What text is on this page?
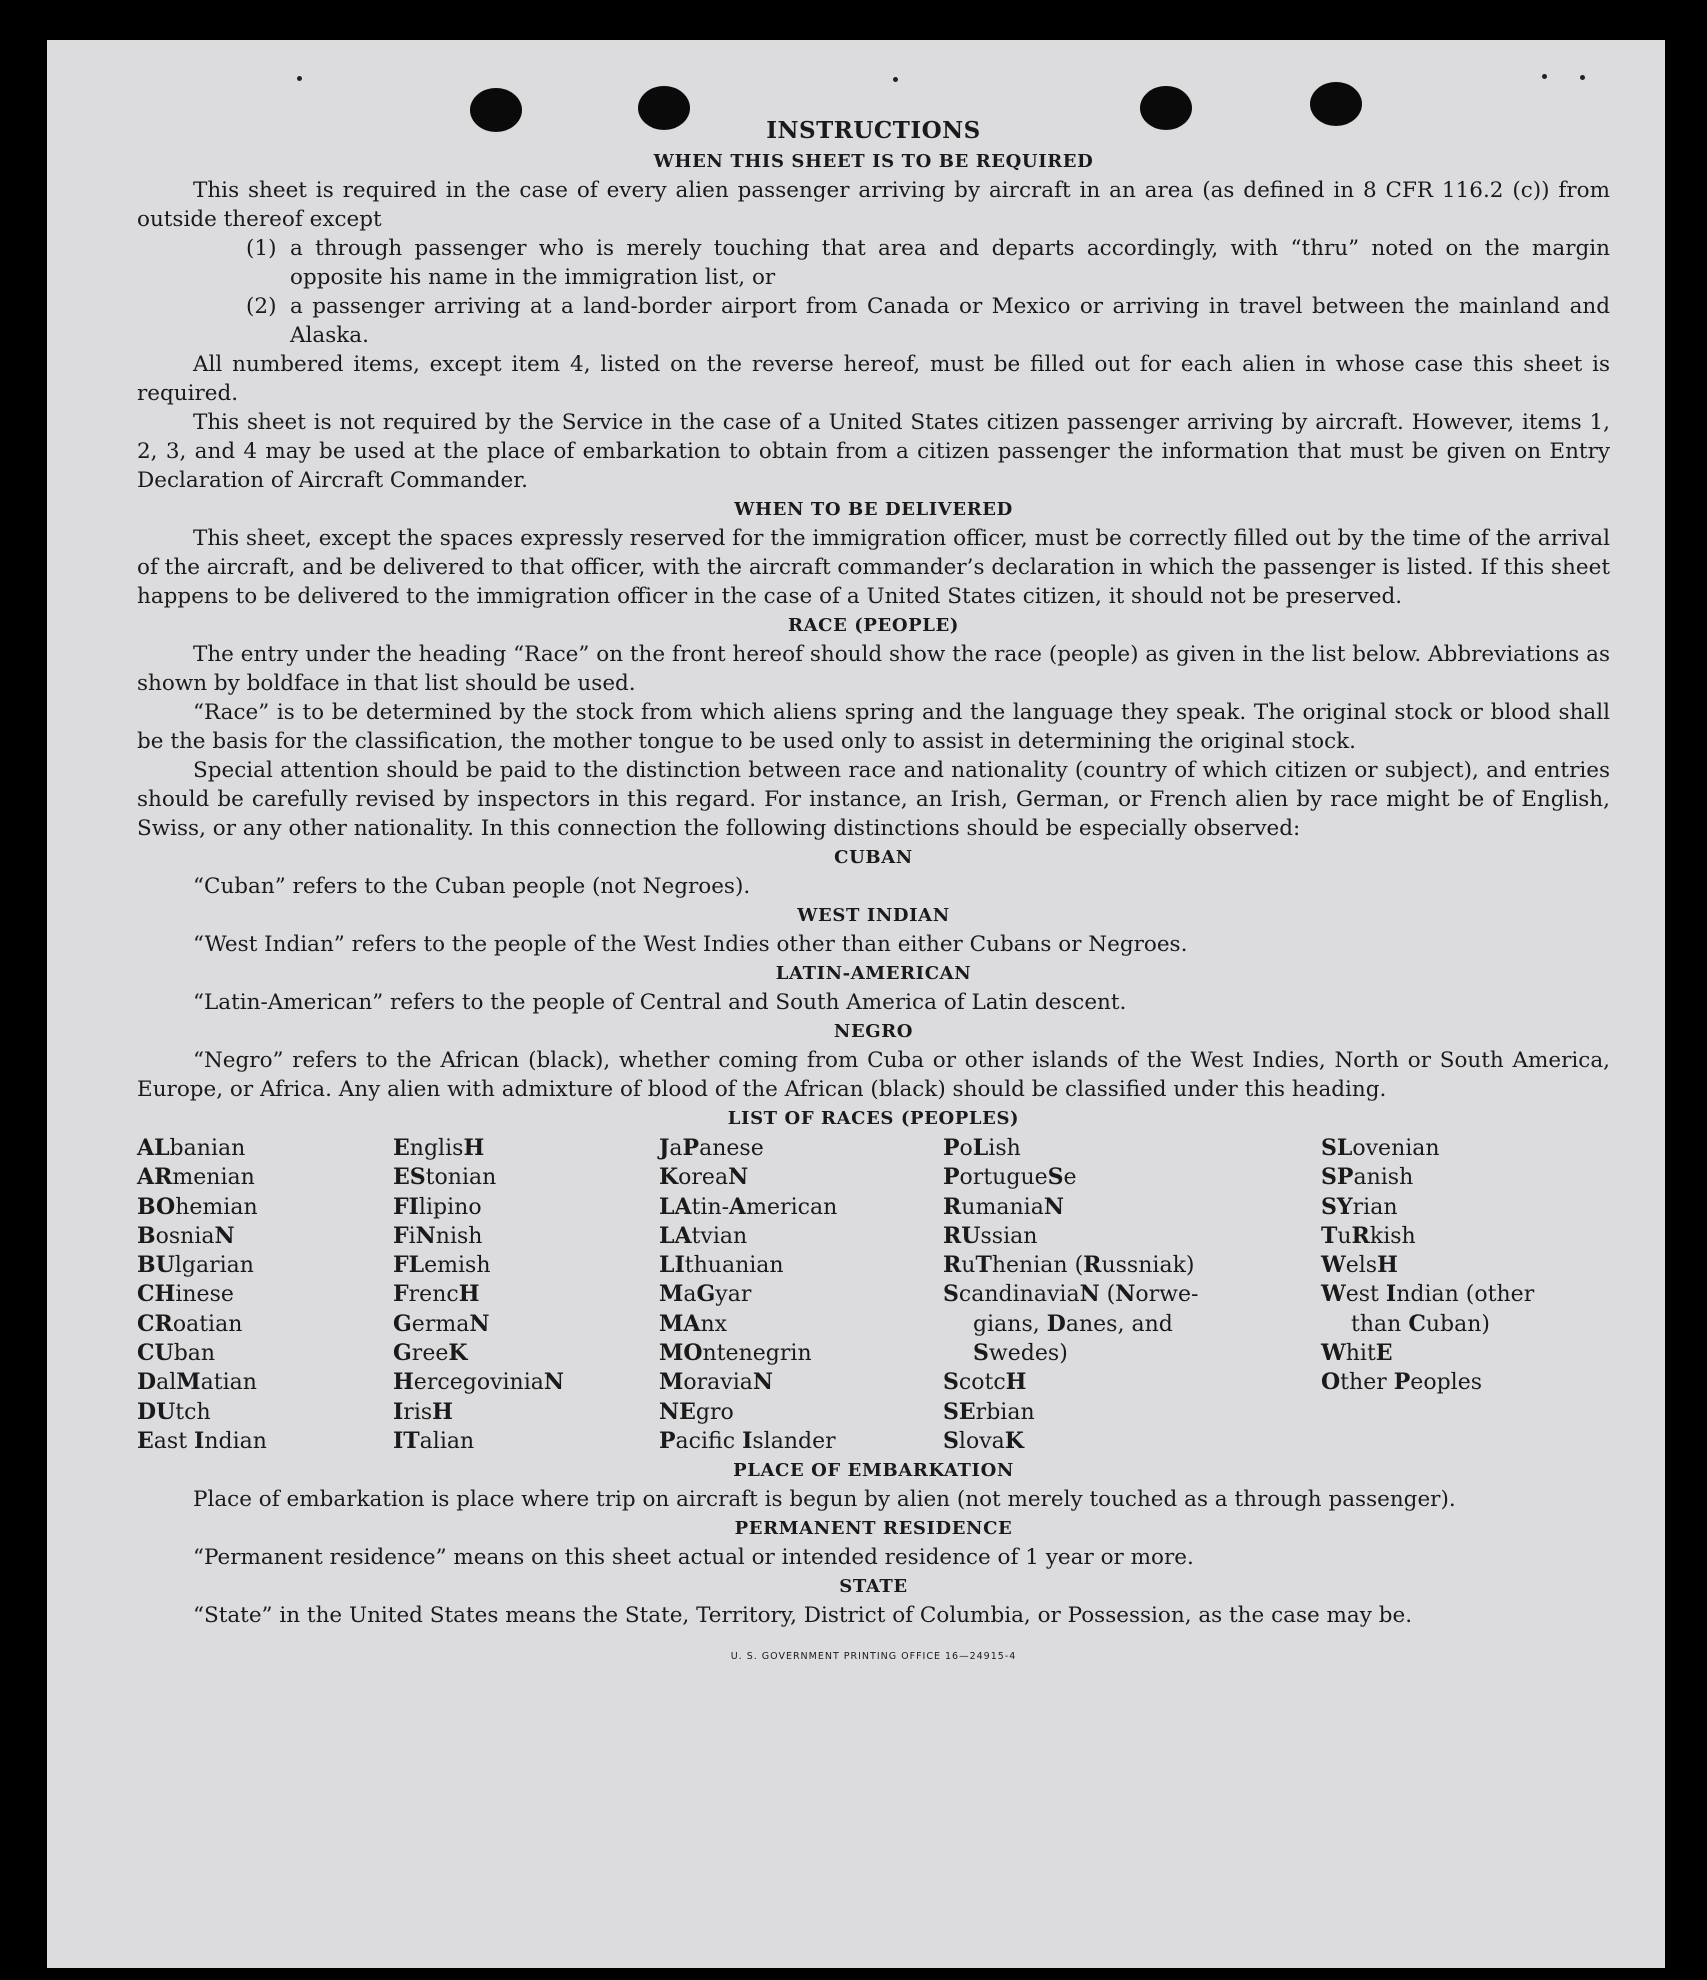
INSTRUCTIONS
WHEN THIS SHEET IS TO BE REQUIRED

This sheet is required in the case of every alien passenger arriving by aircraft in an area (as defined in 8 CFR 116.2 (c)) from outside thereof except

(1) a through passenger who is merely touching that area and departs accordingly, with “thru” noted on the margin opposite his name in the immigration list, or
(2) a passenger arriving at a land-border airport from Canada or Mexico or arriving in travel between the mainland and Alaska.

All numbered items, except item 4, listed on the reverse hereof, must be filled out for each alien in whose case this sheet is required.

This sheet is not required by the Service in the case of a United States citizen passenger arriving by aircraft. However, items 1, 2, 3, and 4 may be used at the place of embarkation to obtain from a citizen passenger the information that must be given on Entry Declaration of Aircraft Commander.

WHEN TO BE DELIVERED

This sheet, except the spaces expressly reserved for the immigration officer, must be correctly filled out by the time of the arrival of the aircraft, and be delivered to that officer, with the aircraft commander’s declaration in which the passenger is listed. If this sheet happens to be delivered to the immigration officer in the case of a United States citizen, it should not be preserved.

RACE (PEOPLE)

The entry under the heading “Race” on the front hereof should show the race (people) as given in the list below. Abbreviations as shown by boldface in that list should be used.

“Race” is to be determined by the stock from which aliens spring and the language they speak. The original stock or blood shall be the basis for the classification, the mother tongue to be used only to assist in determining the original stock.

Special attention should be paid to the distinction between race and nationality (country of which citizen or subject), and entries should be carefully revised by inspectors in this regard. For instance, an Irish, German, or French alien by race might be of English, Swiss, or any other nationality. In this connection the following distinctions should be especially observed:

CUBAN

“Cuban” refers to the Cuban people (not Negroes).

WEST INDIAN

“West Indian” refers to the people of the West Indies other than either Cubans or Negroes.

LATIN-AMERICAN

“Latin-American” refers to the people of Central and South America of Latin descent.

NEGRO

“Negro” refers to the African (black), whether coming from Cuba or other islands of the West Indies, North or South America, Europe, or Africa. Any alien with admixture of blood of the African (black) should be classified under this heading.

LIST OF RACES (PEOPLES)
ALbanian
ARmenian
BOhemian
BosniaN
BUlgarian
CHinese
CRoatian
CUban
DalMatian
DUtch
East Indian
EnglisH
EStonian
FIlipino
FiNnish
FLemish
FrencH
GermaN
GreeK
HercegoviniaN
IrisH
ITalian
JaPanese
KoreaN
LAtin-American
LAtvian
LIthuanian
MaGyar
MAnx
MOntenegrin
MoraviaN
NEgro
Pacifc Islander
PoLish
PortugueSe
RumaniaN
RUssian
RuThenian (Russniak)
ScandinaviaN (Norwe-
gians, Danes, and
Swedes)
ScotcH
SErbian
SlovaK
SLovenian
SPanish
SYrian
TuRkish
WelsH
West Indian (other
than Cuban)
WhitE
Other Peoples
PLACE OF EMBARKATION

Place of embarkation is place where trip on aircraft is begun by alien (not merely touched as a through passenger).

PERMANENT RESIDENCE

“Permanent residence” means on this sheet actual or intended residence of 1 year or more.

STATE

“State” in the United States means the State, Territory, District of Columbia, or Possession, as the case may be.

U. S. GOVERNMENT PRINTING OFFICE 16—24915-4
